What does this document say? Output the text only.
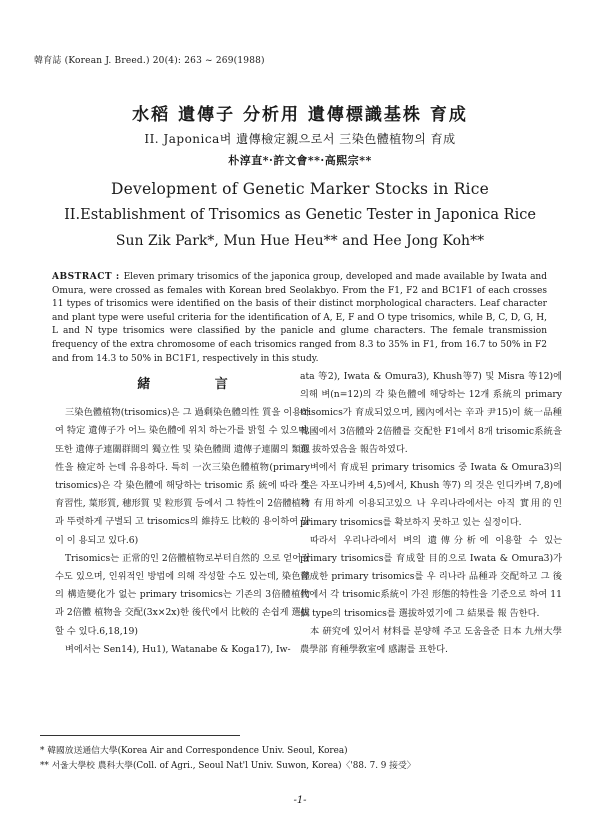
韓育誌 (Korean J. Breed.) 20(4): 263 ~ 269(1988)
水稻 遺傳子 分析用 遺傳標識基株 育成
II. Japonica벼 遺傳檢定親으로서 三染色體植物의 育成
朴淳直*·許文會**·高熙宗**
Development of Genetic Marker Stocks in Rice
II.Establishment of Trisomics as Genetic Tester in Japonica Rice
Sun Zik Park*, Mun Hue Heu** and Hee Jong Koh**

ABSTRACT : Eleven primary trisomics of the japonica group, developed and made available by Iwata and Omura, were crossed as females with Korean bred Seolakbyo. From the F1, F2 and BC1F1 of each crosses 11 types of trisomics were identified on the basis of their distinct morphological characters. Leaf character and plant type were useful criteria for the identification of A, E, F and O type trisomics, while B, C, D, G, H, L and N type trisomics were classified by the panicle and glume characters. The female transmission frequency of the extra chromosome of each trisomics ranged from 8.3 to 35% in F1, from 16.7 to 50% in F2 and from 14.3 to 50% in BC1F1, respectively in this study.

緒 言

三染色體植物(trisomics)은 그 過剩染色體의性 質을 이용하여 特定 遺傳子가 어느 染色體에 위치 하는가를 밝힐 수 있으며, 또한 遺傳子連關群間의 獨立性 및 染色體間 遺傳子連關의 類似性을 檢定하 는데 유용하다. 특히 一次三染色體植物(primary trisomics)은 각 染色體에 해당하는 trisomic 系 統에 따라 生育習性, 葉形質, 穗形質 및 粒形質 등에서 그 特性이 2倍體植物과 뚜렷하게 구별되 고 trisomics의 維持도 比較的 용이하여 많이 이 용되고 있다.6)

Trisomics는 正常的인 2倍體植物로부터自然的 으로 얻어질 수도 있으며, 인위적인 방법에 의해 작성할 수도 있는데, 染色體의 構造變化가 없는 primary trisomics는 기존의 3倍體植物과 2倍體 植物을 交配(3x×2x)한 後代에서 比較的 손쉽게 選拔할 수 있다.6,18,19)

벼에서는 Sen14), Hu1), Watanabe & Koga17), Iw-

ata 等2), Iwata & Omura3), Khush等7) 및 Misra 等12)에 의해 벼(n=12)의 각 染色體에 해당하는 12개 系統의 primary trisomics가 育成되었으며, 國內에서는 辛과 尹15)이 統一品種 韓國에서 3倍體와 2倍體를 交配한 F1에서 8개 trisomic系統을 選 拔하였음을 報告하였다.

벼에서 育成된 primary trisomics 중 Iwata & Omura3)의 것은 자포니카벼 4,5)에서, Khush 等7) 의 것은 인디카벼 7,8)에서 有用하게 이용되고있으 나 우리나라에서는 아직 實用的인 primary trisomics를 확보하지 못하고 있는 실정이다.

따라서 우리나라에서 벼의 遺傳分析에 이용할 수 있는 primary trisomics를 育成할 目的으로 Iwata & Omura3)가 育成한 primary trisomics를 우 리나라 品種과 交配하고 그 後代에서 각 trisomic系統이 가진 形態的特性을 기준으로 하여 11個 type의 trisomics를 選拔하였기에 그 結果를 報 告한다.

本 硏究에 있어서 材料를 분양해 주고 도움을준 日本 九州大學 農學部 育種學敎室에 感謝를 표한다.

* 韓國放送通信大學(Korea Air and Correspondence Univ. Seoul, Korea)
** 서울大學校 農科大學(Coll. of Agri., Seoul Nat'l Univ. Suwon, Korea)〈'88. 7. 9 接受〉
-1-
